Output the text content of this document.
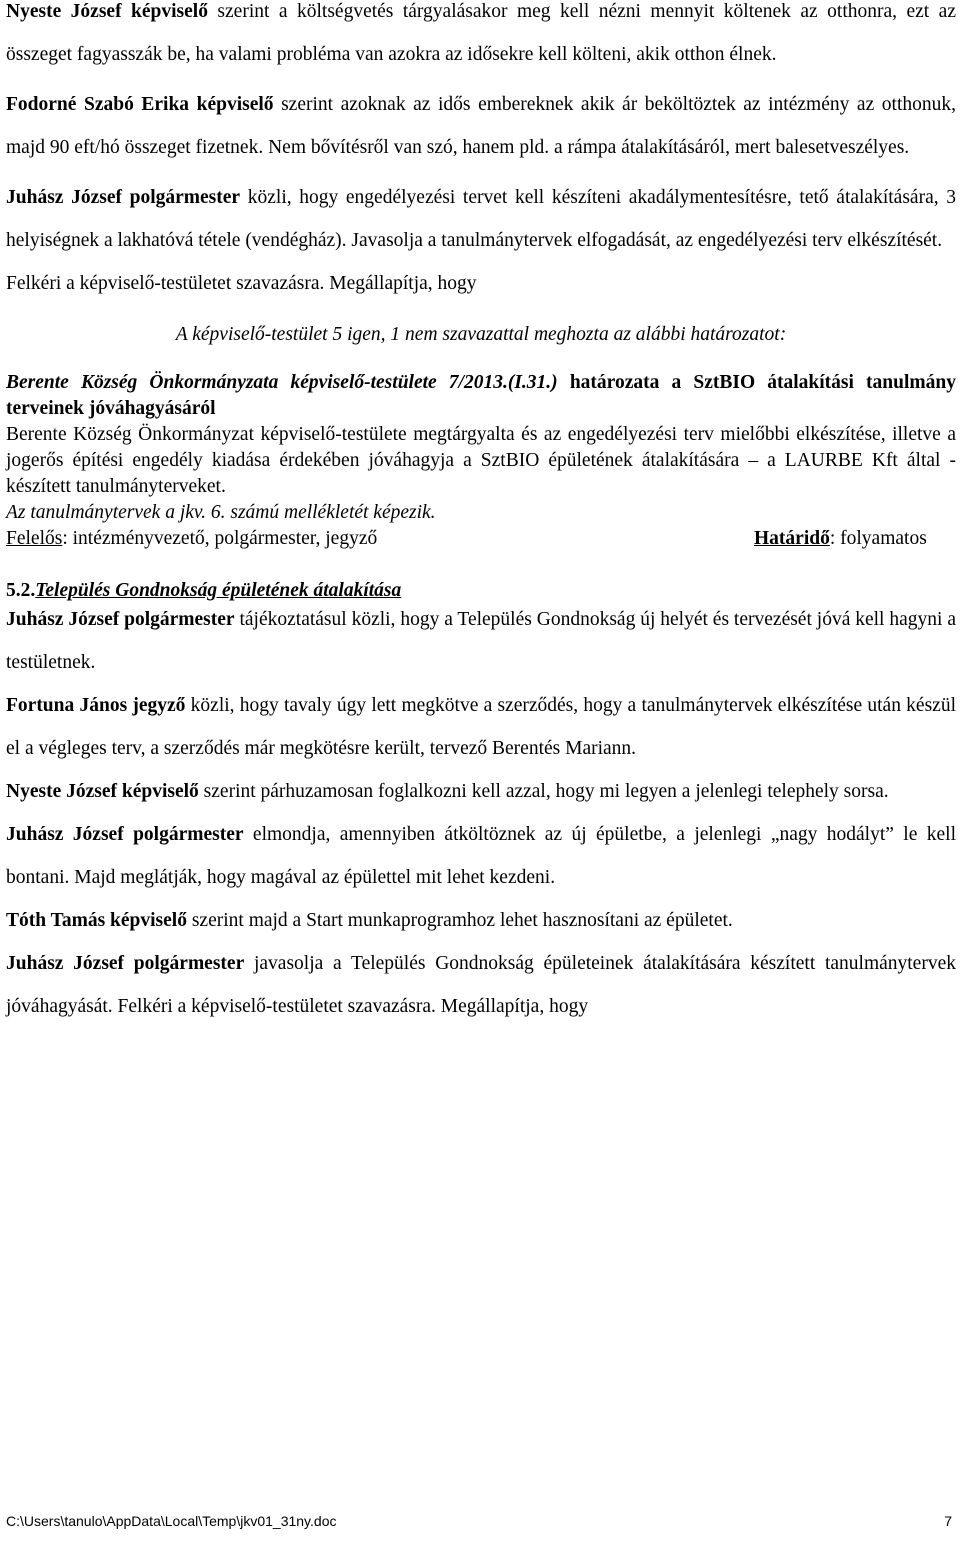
Nyeste József képviselő szerint a költségvetés tárgyalásakor meg kell nézni mennyit költenek az otthonra, ezt az összeget fagyasszák be, ha valami probléma van azokra az idősekre kell költeni, akik otthon élnek.

Fodorné Szabó Erika képviselő szerint azoknak az idős embereknek akik ár beköltöztek az intézmény az otthonuk, majd 90 eft/hó összeget fizetnek. Nem bővítésről van szó, hanem pld. a rámpa átalakításáról, mert balesetveszélyes.

Juhász József polgármester közli, hogy engedélyezési tervet kell készíteni akadálymentesítésre, tető átalakítására, 3 helyiségnek a lakhatóvá tétele (vendégház). Javasolja a tanulmánytervek elfogadását, az engedélyezési terv elkészítését.

Felkéri a képviselő-testületet szavazásra. Megállapítja, hogy

A képviselő-testület 5 igen, 1 nem szavazattal meghozta az alábbi határozatot:

Berente Község Önkormányzata képviselő-testülete 7/2013.(I.31.) határozata a SztBIO átalakítási tanulmány terveinek jóváhagyásáról

Berente Község Önkormányzat képviselő-testülete megtárgyalta és az engedélyezési terv mielőbbi elkészítése, illetve a jogerős építési engedély kiadása érdekében jóváhagyja a SztBIO épületének átalakítására – a LAURBE Kft által - készített tanulmányterveket.

Az tanulmánytervek a jkv. 6. számú mellékletét képezik.

Felelős: intézményvezető, polgármester, jegyző	Határidő: folyamatos

5.2.Település Gondnokság épületének átalakítása

Juhász József polgármester tájékoztatásul közli, hogy a Település Gondnokság új helyét és tervezését jóvá kell hagyni a testületnek.

Fortuna János jegyző közli, hogy tavaly úgy lett megkötve a szerződés, hogy a tanulmánytervek elkészítése után készül el a végleges terv, a szerződés már megkötésre került, tervező Berentés Mariann.

Nyeste József képviselő szerint párhuzamosan foglalkozni kell azzal, hogy mi legyen a jelenlegi telephely sorsa.

Juhász József polgármester elmondja, amennyiben átköltöznek az új épületbe, a jelenlegi „nagy hodályt” le kell bontani. Majd meglátják, hogy magával az épülettel mit lehet kezdeni.

Tóth Tamás képviselő szerint majd a Start munkaprogramhoz lehet hasznosítani az épületet.

Juhász József polgármester javasolja a Település Gondnokság épületeinek átalakítására készített tanulmánytervek jóváhagyását. Felkéri a képviselő-testületet szavazásra. Megállapítja, hogy

C:\Users\tanulo\AppData\Local\Temp\jkv01_31ny.doc	7
